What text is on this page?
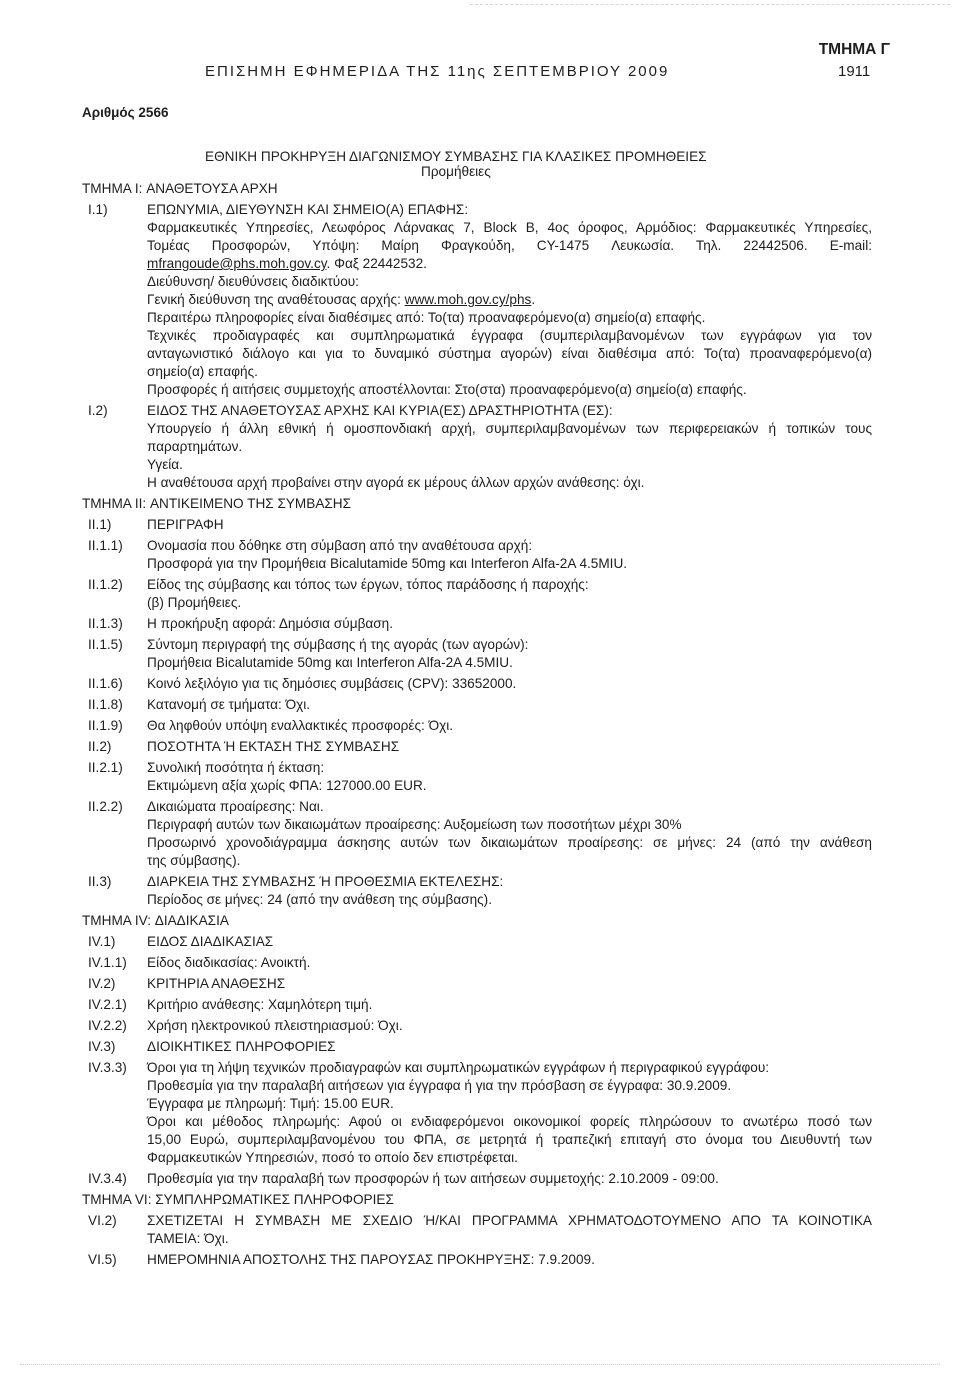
ΤΜΗΜΑ Γ
ΕΠΙΣΗΜΗ ΕΦΗΜΕΡΙΔΑ ΤΗΣ 11ης ΣΕΠΤΕΜΒΡΙΟΥ 2009	1911
Αριθμός 2566
ΕΘΝΙΚΗ ΠΡΟΚΗΡΥΞΗ ΔΙΑΓΩΝΙΣΜΟΥ ΣΥΜΒΑΣΗΣ ΓΙΑ ΚΛΑΣΙΚΕΣ ΠΡΟΜΗΘΕΙΕΣ
Προμήθειες
ΤΜΗΜΑ I: ΑΝΑΘΕΤΟΥΣΑ ΑΡΧΗ
I.1)	ΕΠΩΝΥΜΙΑ, ΔΙΕΥΘΥΝΣΗ ΚΑΙ ΣΗΜΕΙΟ(Α) ΕΠΑΦΗΣ:
Φαρμακευτικές Υπηρεσίες, Λεωφόρος Λάρνακας 7, Block B, 4ος όροφος, Αρμόδιος: Φαρμακευτικές Υπηρεσίες,
Τομέας Προσφορών, Υπόψη: Μαίρη Φραγκούδη, CY-1475 Λευκωσία. Τηλ. 22442506. E-mail:
mfrangoude@phs.moh.gov.cy. Φαξ 22442532.
Διεύθυνση/ διευθύνσεις διαδικτύου:
Γενική διεύθυνση της αναθέτουσας αρχής: www.moh.gov.cy/phs.
Περαιτέρω πληροφορίες είναι διαθέσιμες από: Το(τα) προαναφερόμενο(α) σημείο(α) επαφής.
Τεχνικές προδιαγραφές και συμπληρωματικά έγγραφα (συμπεριλαμβανομένων των εγγράφων για τον
ανταγωνιστικό διάλογο και για το δυναμικό σύστημα αγορών) είναι διαθέσιμα από: Το(τα) προαναφερόμενο(α)
σημείο(α) επαφής.
Προσφορές ή αιτήσεις συμμετοχής αποστέλλονται: Στο(στα) προαναφερόμενο(α) σημείο(α) επαφής.
I.2)	ΕΙΔΟΣ ΤΗΣ ΑΝΑΘΕΤΟΥΣΑΣ ΑΡΧΗΣ ΚΑΙ ΚΥΡΙΑ(ΕΣ) ΔΡΑΣΤΗΡΙΟΤΗΤΑ (ΕΣ):
Υπουργείο ή άλλη εθνική ή ομοσπονδιακή αρχή, συμπεριλαμβανομένων των περιφερειακών ή τοπικών τους
παραρτημάτων.
Υγεία.
Η αναθέτουσα αρχή προβαίνει στην αγορά εκ μέρους άλλων αρχών ανάθεσης: όχι.
ΤΜΗΜΑ II: ΑΝΤΙΚΕΙΜΕΝΟ ΤΗΣ ΣΥΜΒΑΣΗΣ
II.1)	ΠΕΡΙΓΡΑΦΗ
II.1.1)	Ονομασία που δόθηκε στη σύμβαση από την αναθέτουσα αρχή:
Προσφορά για την Προμήθεια Bicalutamide 50mg και Interferon Alfa-2A 4.5MIU.
II.1.2)	Είδος της σύμβασης και τόπος των έργων, τόπος παράδοσης ή παροχής:
(β) Προμήθειες.
II.1.3)	Η προκήρυξη αφορά: Δημόσια σύμβαση.
II.1.5)	Σύντομη περιγραφή της σύμβασης ή της αγοράς (των αγορών):
Προμήθεια Bicalutamide 50mg και Interferon Alfa-2A 4.5MIU.
II.1.6)	Κοινό λεξιλόγιο για τις δημόσιες συμβάσεις (CPV): 33652000.
II.1.8)	Κατανομή σε τμήματα: Όχι.
II.1.9)	Θα ληφθούν υπόψη εναλλακτικές προσφορές: Όχι.
II.2)	ΠΟΣΟΤΗΤΑ Ή ΕΚΤΑΣΗ ΤΗΣ ΣΥΜΒΑΣΗΣ
II.2.1)	Συνολική ποσότητα ή έκταση:
Εκτιμώμενη αξία χωρίς ΦΠΑ: 127000.00 EUR.
II.2.2)	Δικαιώματα προαίρεσης: Ναι.
Περιγραφή αυτών των δικαιωμάτων προαίρεσης: Αυξομείωση των ποσοτήτων μέχρι 30%
Προσωρινό χρονοδιάγραμμα άσκησης αυτών των δικαιωμάτων προαίρεσης: σε μήνες: 24 (από την ανάθεση
της σύμβασης).
II.3)	ΔΙΑΡΚΕΙΑ ΤΗΣ ΣΥΜΒΑΣΗΣ Ή ΠΡΟΘΕΣΜΙΑ ΕΚΤΕΛΕΣΗΣ:
Περίοδος σε μήνες: 24 (από την ανάθεση της σύμβασης).
ΤΜΗΜΑ IV: ΔΙΑΔΙΚΑΣΙΑ
IV.1)	ΕΙΔΟΣ ΔΙΑΔΙΚΑΣΙΑΣ
IV.1.1)	Είδος διαδικασίας: Ανοικτή.
IV.2)	ΚΡΙΤΗΡΙΑ ΑΝΑΘΕΣΗΣ
IV.2.1)	Κριτήριο ανάθεσης: Χαμηλότερη τιμή.
IV.2.2)	Χρήση ηλεκτρονικού πλειστηριασμού: Όχι.
IV.3)	ΔΙΟΙΚΗΤΙΚΕΣ ΠΛΗΡΟΦΟΡΙΕΣ
IV.3.3)	Όροι για τη λήψη τεχνικών προδιαγραφών και συμπληρωματικών εγγράφων ή περιγραφικού εγγράφου:
Προθεσμία για την παραλαβή αιτήσεων για έγγραφα ή για την πρόσβαση σε έγγραφα: 30.9.2009.
Έγγραφα με πληρωμή: Τιμή: 15.00 EUR.
Όροι και μέθοδος πληρωμής: Αφού οι ενδιαφερόμενοι οικονομικοί φορείς πληρώσουν το ανωτέρω ποσό των
15,00 Ευρώ, συμπεριλαμβανομένου του ΦΠΑ, σε μετρητά ή τραπεζική επιταγή στο όνομα του Διευθυντή των
Φαρμακευτικών Υπηρεσιών, ποσό το οποίο δεν επιστρέφεται.
IV.3.4)	Προθεσμία για την παραλαβή των προσφορών ή των αιτήσεων συμμετοχής: 2.10.2009 - 09:00.
ΤΜΗΜΑ VI: ΣΥΜΠΛΗΡΩΜΑΤΙΚΕΣ ΠΛΗΡΟΦΟΡΙΕΣ
VI.2)	ΣΧΕΤΙΖΕΤΑΙ Η ΣΥΜΒΑΣΗ ΜΕ ΣΧΕΔΙΟ Ή/ΚΑΙ ΠΡΟΓΡΑΜΜΑ ΧΡΗΜΑΤΟΔΟΤΟΥΜΕΝΟ ΑΠΟ ΤΑ ΚΟΙΝΟΤΙΚΑ
ΤΑΜΕΙΑ: Όχι.
VI.5)	ΗΜΕΡΟΜΗΝΙΑ ΑΠΟΣΤΟΛΗΣ ΤΗΣ ΠΑΡΟΥΣΑΣ ΠΡΟΚΗΡΥΞΗΣ: 7.9.2009.
